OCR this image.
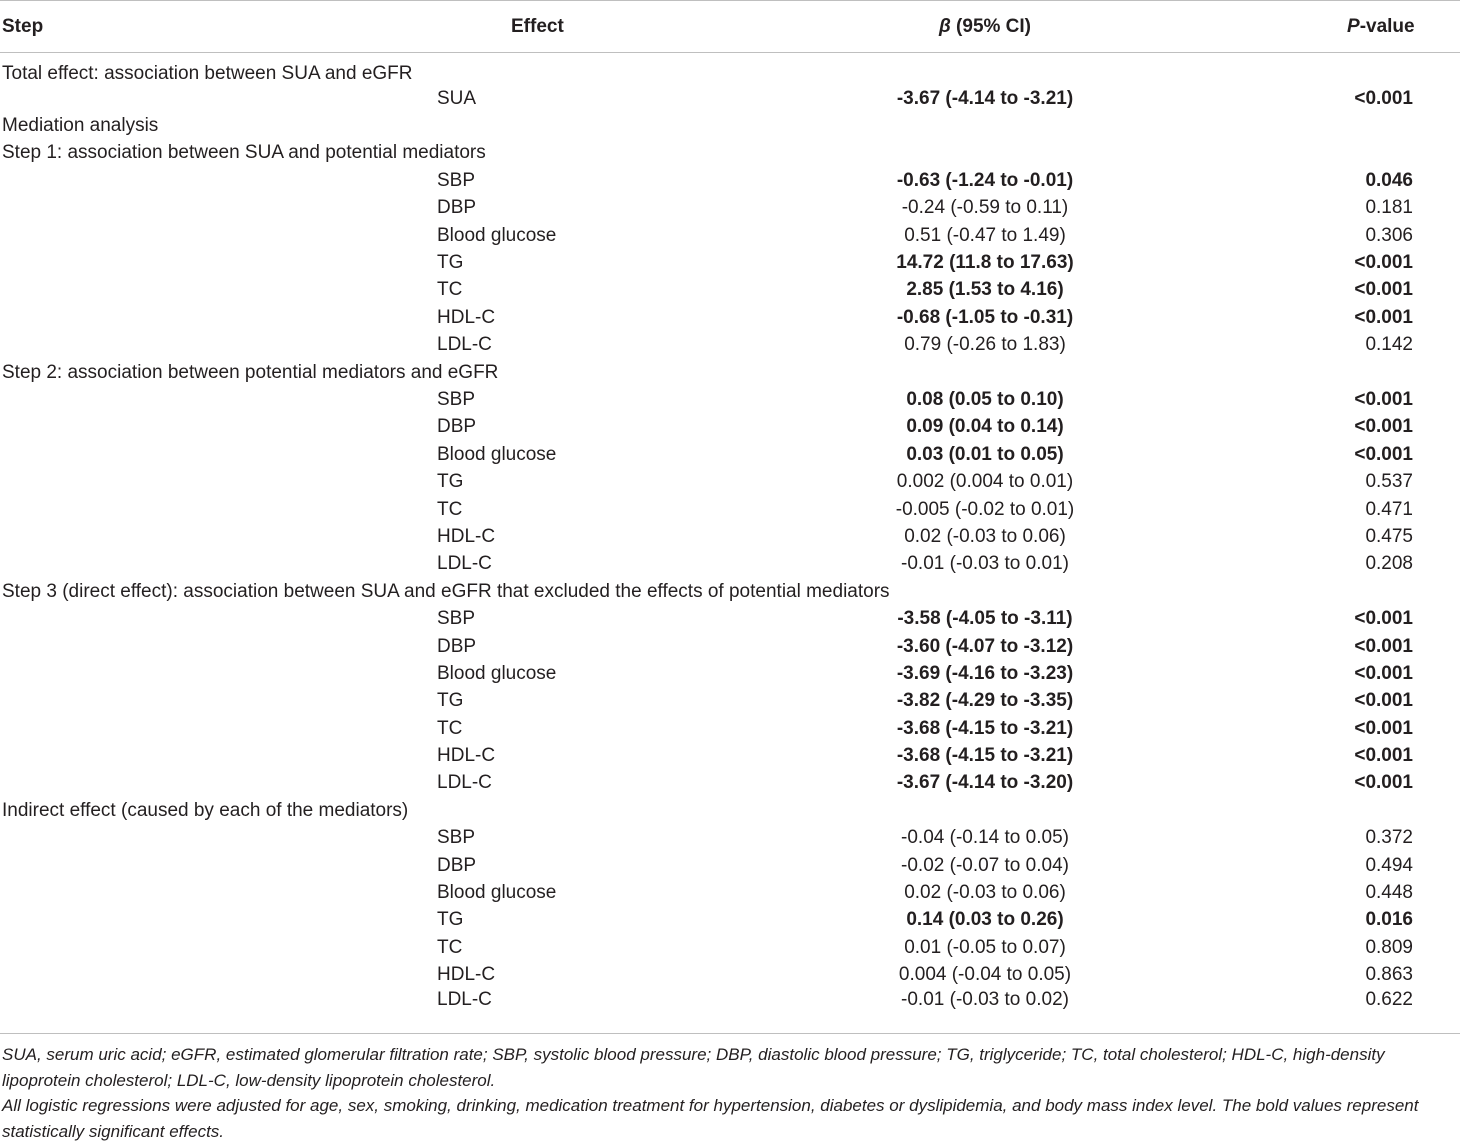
Step	Effect	β (95% CI)	P-value
Total effect: association between SUA and eGFR			
	SUA	-3.67 (-4.14 to -3.21)	<0.001
Mediation analysis			
Step 1: association between SUA and potential mediators			
	SBP	-0.63 (-1.24 to -0.01)	0.046
	DBP	-0.24 (-0.59 to 0.11)	0.181
	Blood glucose	0.51 (-0.47 to 1.49)	0.306
	TG	14.72 (11.8 to 17.63)	<0.001
	TC	2.85 (1.53 to 4.16)	<0.001
	HDL-C	-0.68 (-1.05 to -0.31)	<0.001
	LDL-C	0.79 (-0.26 to 1.83)	0.142
Step 2: association between potential mediators and eGFR			
	SBP	0.08 (0.05 to 0.10)	<0.001
	DBP	0.09 (0.04 to 0.14)	<0.001
	Blood glucose	0.03 (0.01 to 0.05)	<0.001
	TG	0.002 (0.004 to 0.01)	0.537
	TC	-0.005 (-0.02 to 0.01)	0.471
	HDL-C	0.02 (-0.03 to 0.06)	0.475
	LDL-C	-0.01 (-0.03 to 0.01)	0.208
Step 3 (direct effect): association between SUA and eGFR that excluded the effects of potential mediators			
	SBP	-3.58 (-4.05 to -3.11)	<0.001
	DBP	-3.60 (-4.07 to -3.12)	<0.001
	Blood glucose	-3.69 (-4.16 to -3.23)	<0.001
	TG	-3.82 (-4.29 to -3.35)	<0.001
	TC	-3.68 (-4.15 to -3.21)	<0.001
	HDL-C	-3.68 (-4.15 to -3.21)	<0.001
	LDL-C	-3.67 (-4.14 to -3.20)	<0.001
Indirect effect (caused by each of the mediators)			
	SBP	-0.04 (-0.14 to 0.05)	0.372
	DBP	-0.02 (-0.07 to 0.04)	0.494
	Blood glucose	0.02 (-0.03 to 0.06)	0.448
	TG	0.14 (0.03 to 0.26)	0.016
	TC	0.01 (-0.05 to 0.07)	0.809
	HDL-C	0.004 (-0.04 to 0.05)	0.863
	LDL-C	-0.01 (-0.03 to 0.02)	0.622

SUA, serum uric acid; eGFR, estimated glomerular filtration rate; SBP, systolic blood pressure; DBP, diastolic blood pressure; TG, triglyceride; TC, total cholesterol; HDL-C, high-density lipoprotein cholesterol; LDL-C, low-density lipoprotein cholesterol.

All logistic regressions were adjusted for age, sex, smoking, drinking, medication treatment for hypertension, diabetes or dyslipidemia, and body mass index level. The bold values represent statistically significant effects.
